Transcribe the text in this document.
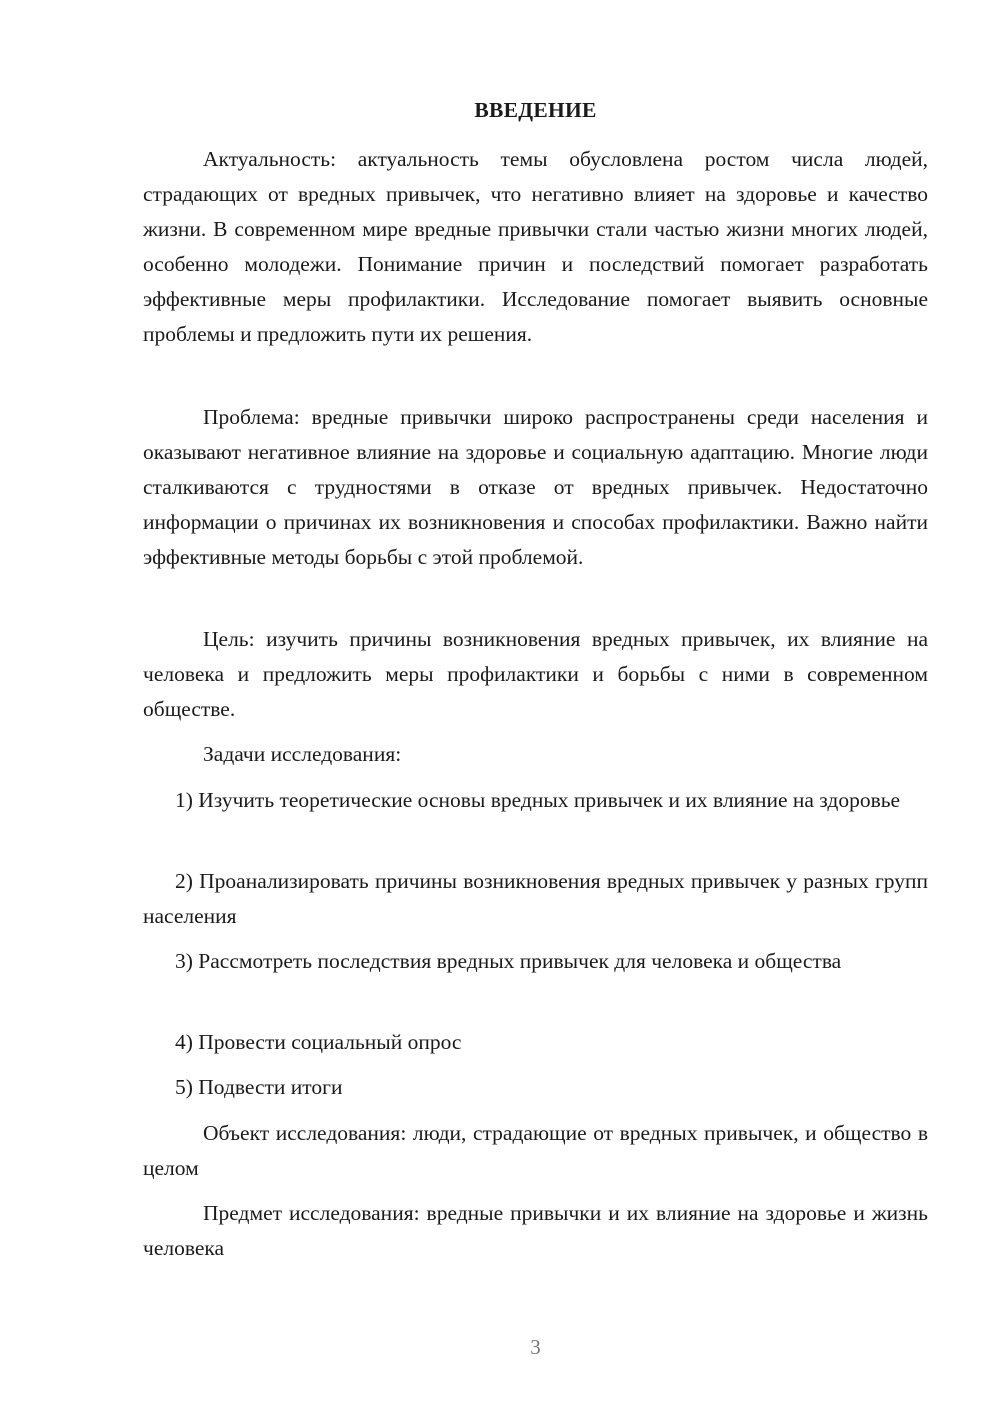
ВВЕДЕНИЕ

Актуальность: актуальность темы обусловлена ростом числа людей, страдающих от вредных привычек, что негативно влияет на здоровье и качество жизни. В современном мире вредные привычки стали частью жизни многих людей, особенно молодежи. Понимание причин и последствий помогает разработать эффективные меры профилактики. Исследование помогает выявить основные проблемы и предложить пути их решения.

Проблема: вредные привычки широко распространены среди населения и оказывают негативное влияние на здоровье и социальную адаптацию. Многие люди сталкиваются с трудностями в отказе от вредных привычек. Недостаточно информации о причинах их возникновения и способах профилактики. Важно найти эффективные методы борьбы с этой проблемой.

Цель: изучить причины возникновения вредных привычек, их влияние на человека и предложить меры профилактики и борьбы с ними в современном обществе.

Задачи исследования:

1) Изучить теоретические основы вредных привычек и их влияние на здоровье

2) Проанализировать причины возникновения вредных привычек у разных групп населения

3) Рассмотреть последствия вредных привычек для человека и общества

4) Провести социальный опрос

5) Подвести итоги

Объект исследования: люди, страдающие от вредных привычек, и общество в целом

Предмет исследования: вредные привычки и их влияние на здоровье и жизнь человека

3
